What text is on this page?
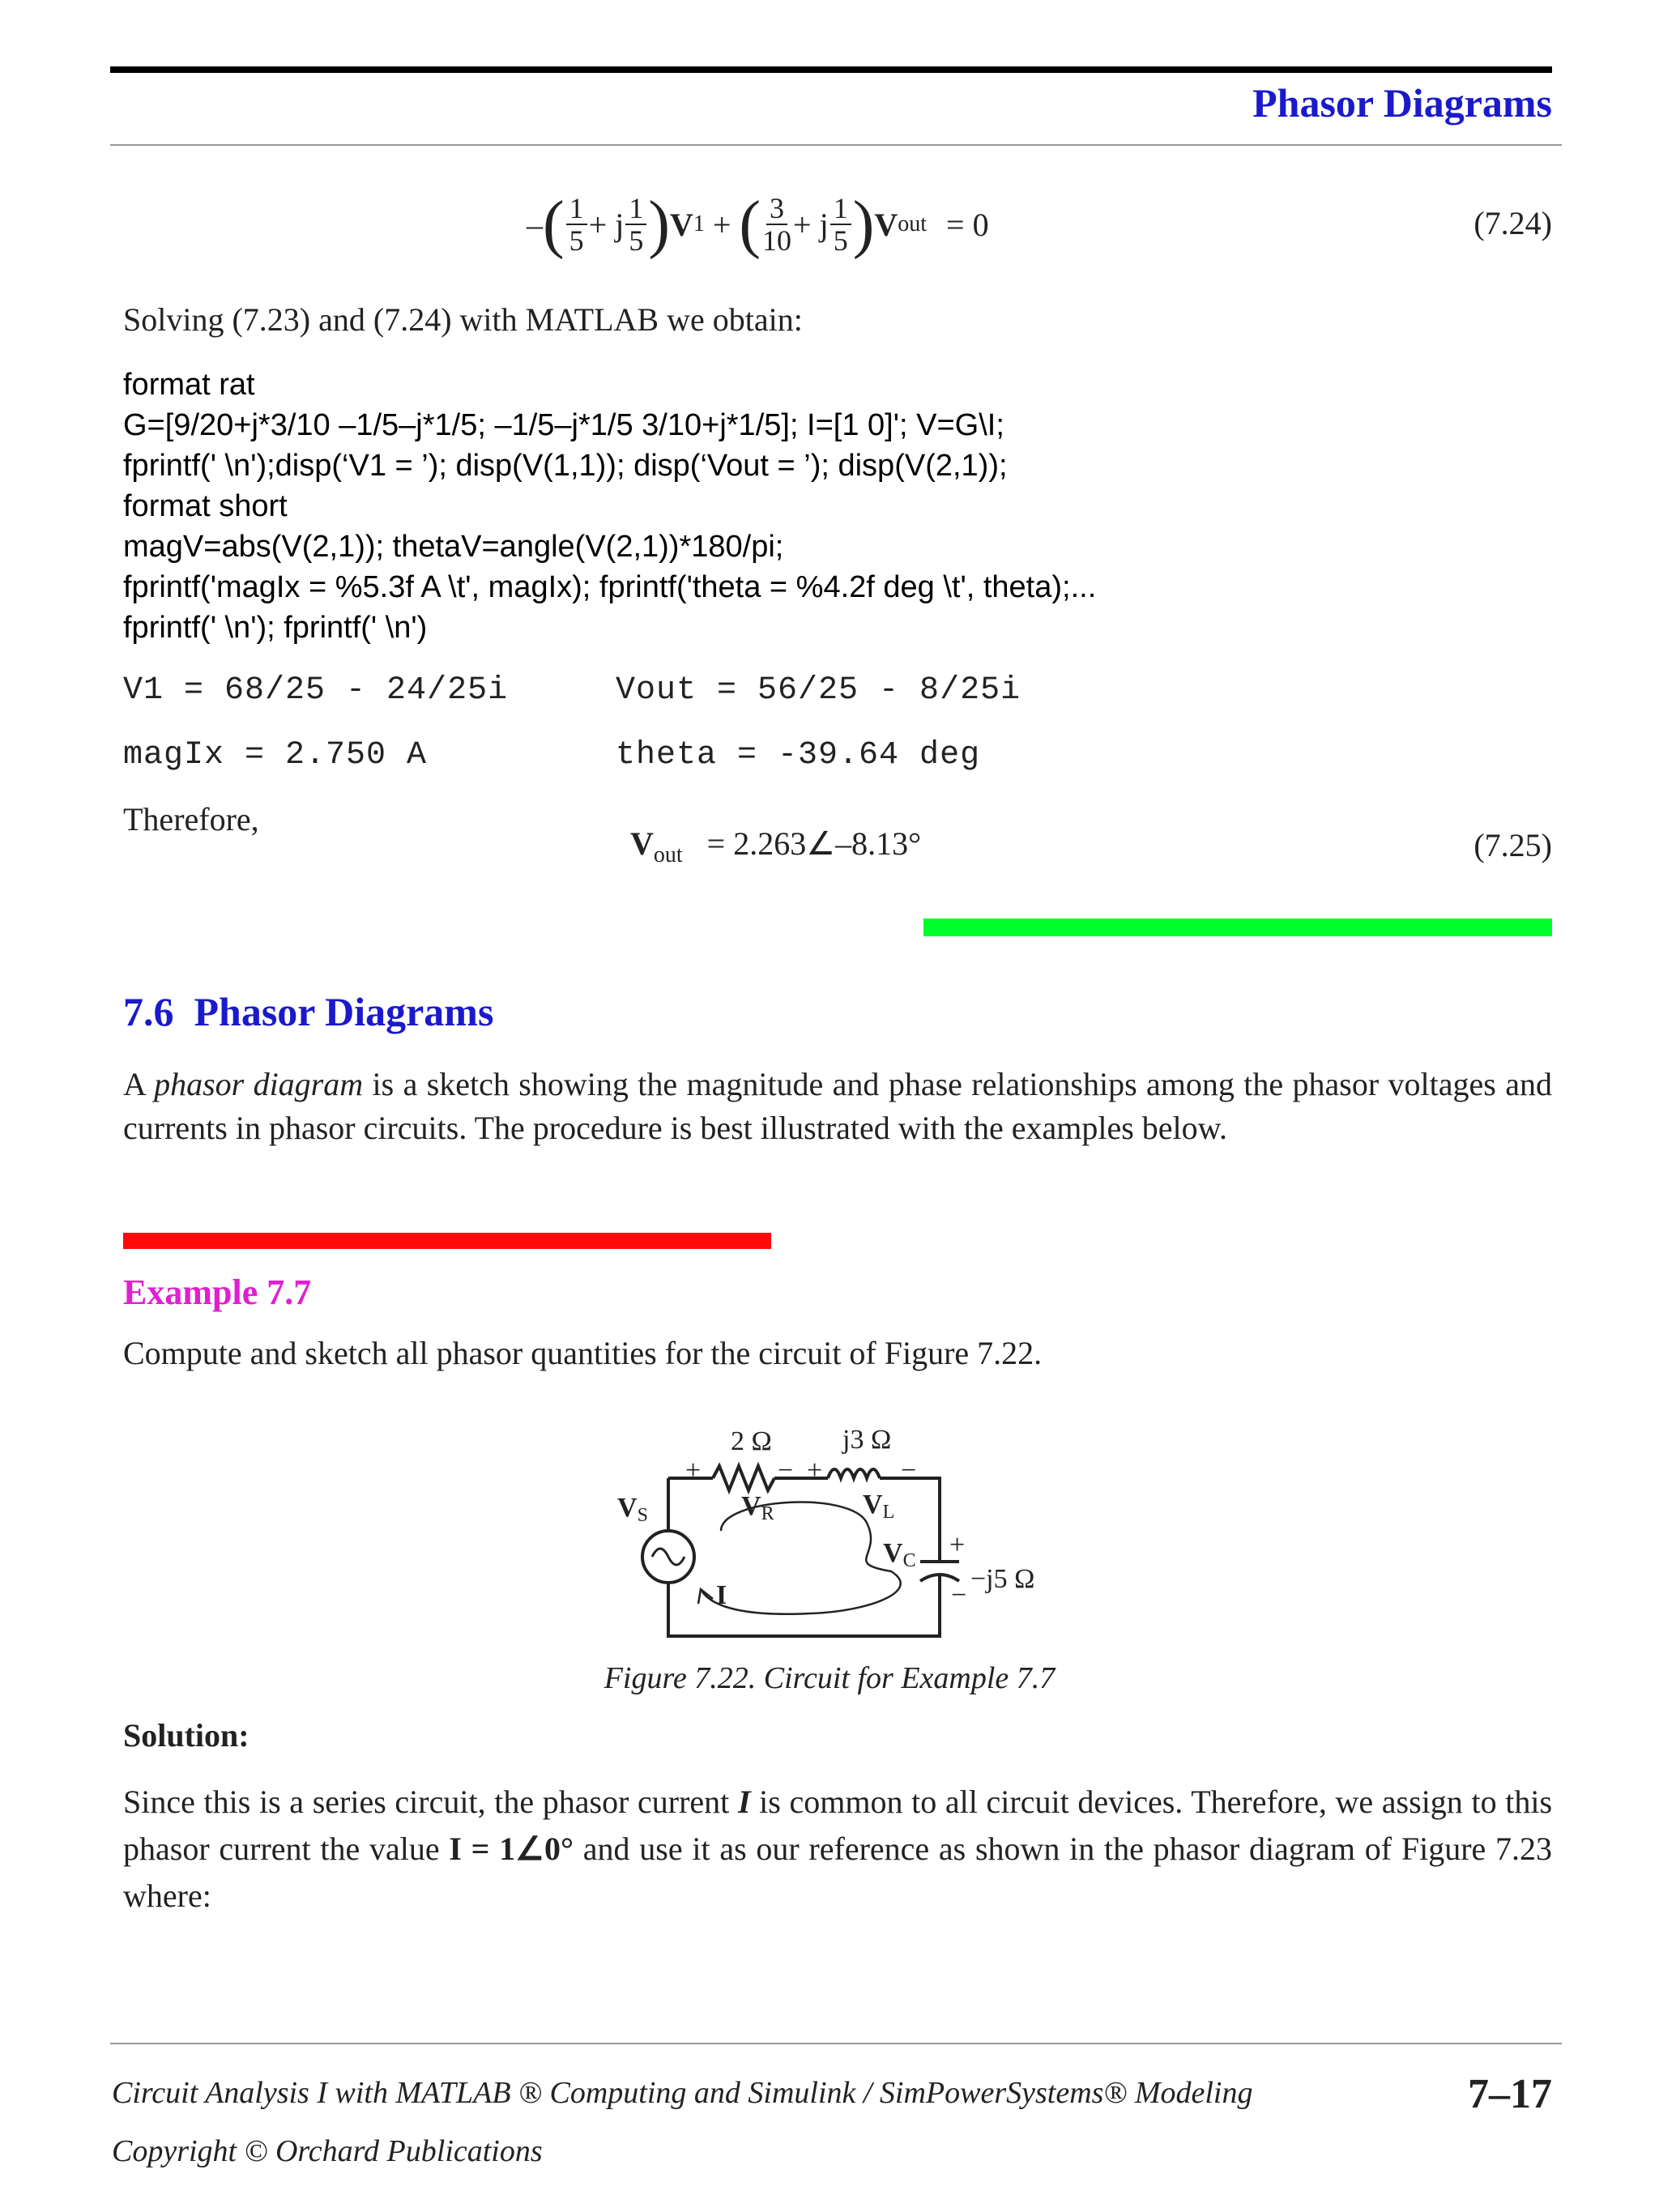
Phasor Diagrams
– ( $\frac{1}{5} + j \frac{1}{5}$ ) V 1 + ( $\frac{3}{10} + j \frac{1}{5}$ ) V out = 0	(7.24)
Solving (7.23) and (7.24) with MATLAB we obtain:
format rat
G=[9/20+j*3/10 –1/5–j*1/5; –1/5–j*1/5 3/10+j*1/5]; I=[1 0]'; V=G\I;
fprintf(' \n');disp(‘V1 = ’); disp(V(1,1)); disp(‘Vout = ’); disp(V(2,1));
format short
magV=abs(V(2,1)); thetaV=angle(V(2,1))*180/pi;
fprintf('magIx = %5.3f A \t', magIx); fprintf('theta = %4.2f deg \t', theta);...
fprintf(' \n'); fprintf(' \n')
V1 = 68/25 - 24/25i	Vout = 56/25 - 8/25i
magIx = 2.750 A	theta = -39.64 deg
Therefore,
$V_{out}$ = 2.263∠–8.13°	(7.25)
7.6 Phasor Diagrams
A phasor diagram is a sketch showing the magnitude and phase relationships among the phasor voltages and currents in phasor circuits. The procedure is best illustrated with the examples below.
Example 7.7
Compute and sketch all phasor quantities for the circuit of Figure 7.22.
2 Ω	j3 Ω
−j5 Ω
+	− +	−
+
−
VS	VR	VL
VC
I
Figure 7.22. Circuit for Example 7.7
Solution:
Since this is a series circuit, the phasor current I is common to all circuit devices. Therefore, we assign to this phasor current the value I = 1∠0° and use it as our reference as shown in the phasor diagram of Figure 7.23 where:
Circuit Analysis I with MATLAB ® Computing and Simulink / SimPowerSystems® Modeling
Copyright © Orchard Publications
7–17
